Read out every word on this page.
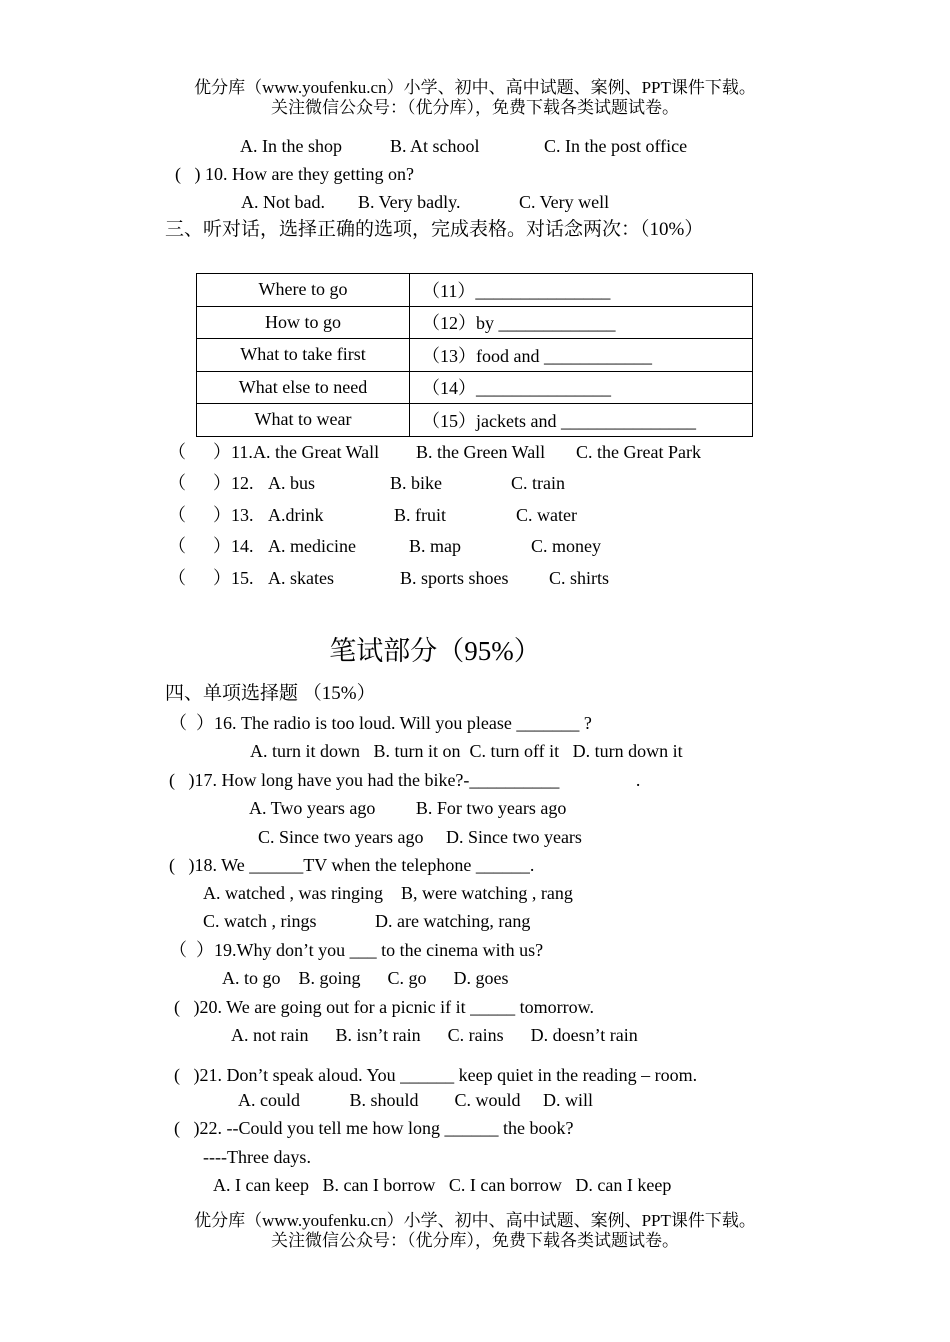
优分库（www.youfenku.cn）小学、初中、高中试题、案例、PPT课件下载。
关注微信公众号：（优分库），免费下载各类试题试卷。
A. In the shop	B. At school	C. In the post office
(   ) 10. How are they getting on?
A. Not bad. B. Very badly.	C. Very well
三、听对话，选择正确的选项，完成表格。对话念两次：（10%）
Where to go	（11）_______________
How to go	（12）by _____________
What to take first	（13）food and ____________
What else to need	（14）_______________
What to wear	（15）jackets and _______________
（      ）11. A. the Great Wall B. the Green Wall C. the Great Park
（      ）12. A. bus	B. bike	C. train
（      ）13. A.drink	B. fruit	C. water
（      ）14. A. medicine	B. map	C. money
（      ）15. A. skates	B. sports shoes C. shirts
笔试部分（95%）
四、单项选择题 （15%）
（  ）16. The radio is too loud. Will you please _______ ?
A. turn it down   B. turn it on  C. turn off it   D. turn down it
(   )17. How long have you had the bike?-__________                 .
A. Two years ago         B. For two years ago
C. Since two years ago     D. Since two years
(   )18. We ______TV when the telephone ______.
A. watched , was ringing    B, were watching , rang
C. watch , rings             D. are watching, rang
（  ）19.Why don’t you ___ to the cinema with us?
A. to go    B. going      C. go      D. goes
(   )20. We are going out for a picnic if it _____ tomorrow.
A. not rain      B. isn’t rain      C. rains      D. doesn’t rain
(   )21. Don’t speak aloud. You ______ keep quiet in the reading – room.
A. could           B. should        C. would     D. will
(   )22. --Could you tell me how long ______ the book?
----Three days.
A. I can keep   B. can I borrow   C. I can borrow   D. can I keep
优分库（www.youfenku.cn）小学、初中、高中试题、案例、PPT课件下载。
关注微信公众号：（优分库），免费下载各类试题试卷。
